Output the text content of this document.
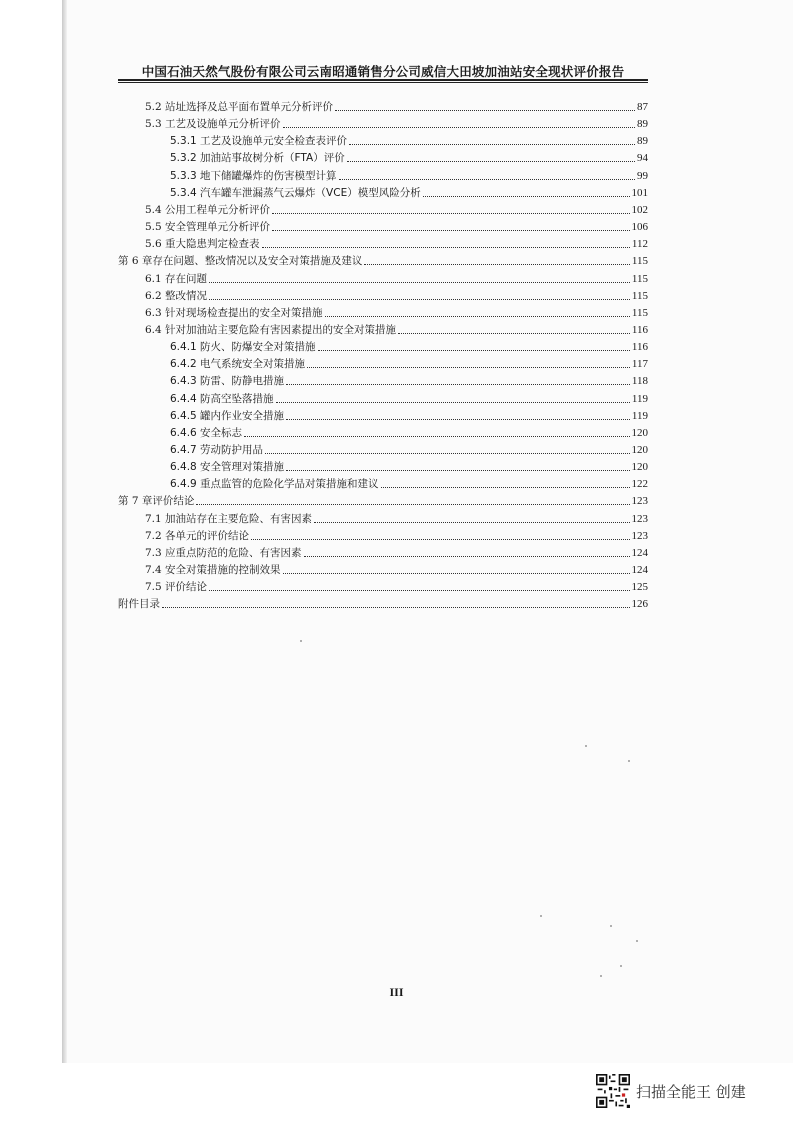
中国石油天然气股份有限公司云南昭通销售分公司威信大田坡加油站安全现状评价报告
5.2 站址选择及总平面布置单元分析评价	87
5.3 工艺及设施单元分析评价	89
5.3.1 工艺及设施单元安全检查表评价	89
5.3.2 加油站事故树分析（FTA）评价	94
5.3.3 地下储罐爆炸的伤害模型计算	99
5.3.4 汽车罐车泄漏蒸气云爆炸（VCE）模型风险分析	101
5.4 公用工程单元分析评价	102
5.5 安全管理单元分析评价	106
5.6 重大隐患判定检查表	112
第 6 章存在问题、整改情况以及安全对策措施及建议	115
6.1 存在问题	115
6.2 整改情况	115
6.3 针对现场检查提出的安全对策措施	115
6.4 针对加油站主要危险有害因素提出的安全对策措施	116
6.4.1 防火、防爆安全对策措施	116
6.4.2 电气系统安全对策措施	117
6.4.3 防雷、防静电措施	118
6.4.4 防高空坠落措施	119
6.4.5 罐内作业安全措施	119
6.4.6 安全标志	120
6.4.7 劳动防护用品	120
6.4.8 安全管理对策措施	120
6.4.9 重点监管的危险化学品对策措施和建议	122
第 7 章评价结论	123
7.1 加油站存在主要危险、有害因素	123
7.2 各单元的评价结论	123
7.3 应重点防范的危险、有害因素	124
7.4 安全对策措施的控制效果	124
7.5 评价结论	125
附件目录	126
III
扫描全能王 创建
